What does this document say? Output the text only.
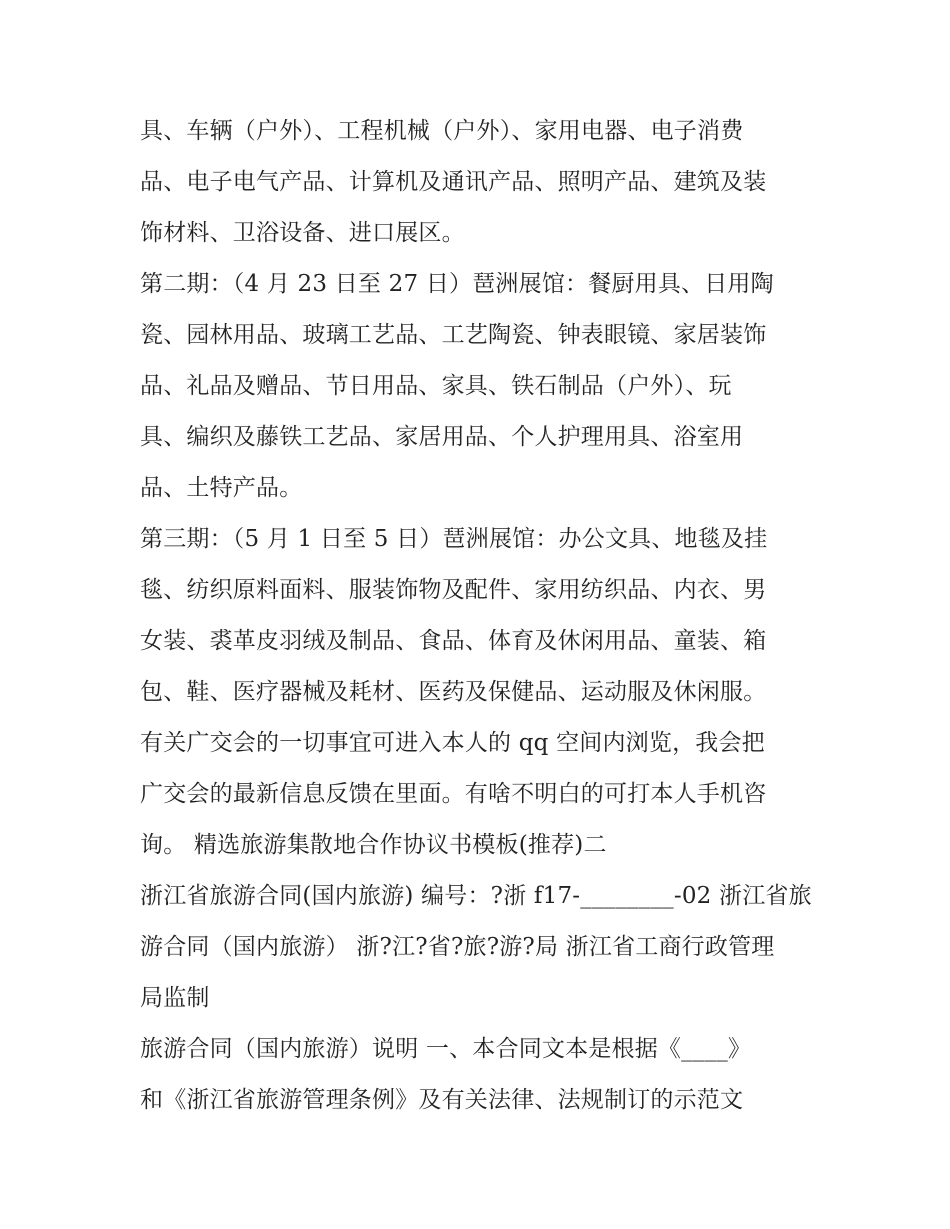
具、车辆（户外）、工程机械（户外）、家用电器、电子消费
品、电子电气产品、计算机及通讯产品、照明产品、建筑及装
饰材料、卫浴设备、进口展区。
第二期：（4 月 23 日至 27 日）琶洲展馆：餐厨用具、日用陶
瓷、园林用品、玻璃工艺品、工艺陶瓷、钟表眼镜、家居装饰
品、礼品及赠品、节日用品、家具、铁石制品（户外）、玩
具、编织及藤铁工艺品、家居用品、个人护理用具、浴室用
品、土特产品。
第三期：（5 月 1 日至 5 日）琶洲展馆：办公文具、地毯及挂
毯、纺织原料面料、服装饰物及配件、家用纺织品、内衣、男
女装、裘革皮羽绒及制品、食品、体育及休闲用品、童装、箱
包、鞋、医疗器械及耗材、医药及保健品、运动服及休闲服。
有关广交会的一切事宜可进入本人的 qq 空间内浏览，我会把
广交会的最新信息反馈在里面。有啥不明白的可打本人手机咨
询。 精选旅游集散地合作协议书模板(推荐)二
浙江省旅游合同(国内旅游) 编号：?浙 f17-________-02 浙江省旅
游合同（国内旅游） 浙?江?省?旅?游?局 浙江省工商行政管理
局监制
旅游合同（国内旅游）说明 一、本合同文本是根据《____》
和《浙江省旅游管理条例》及有关法律、法规制订的示范文
